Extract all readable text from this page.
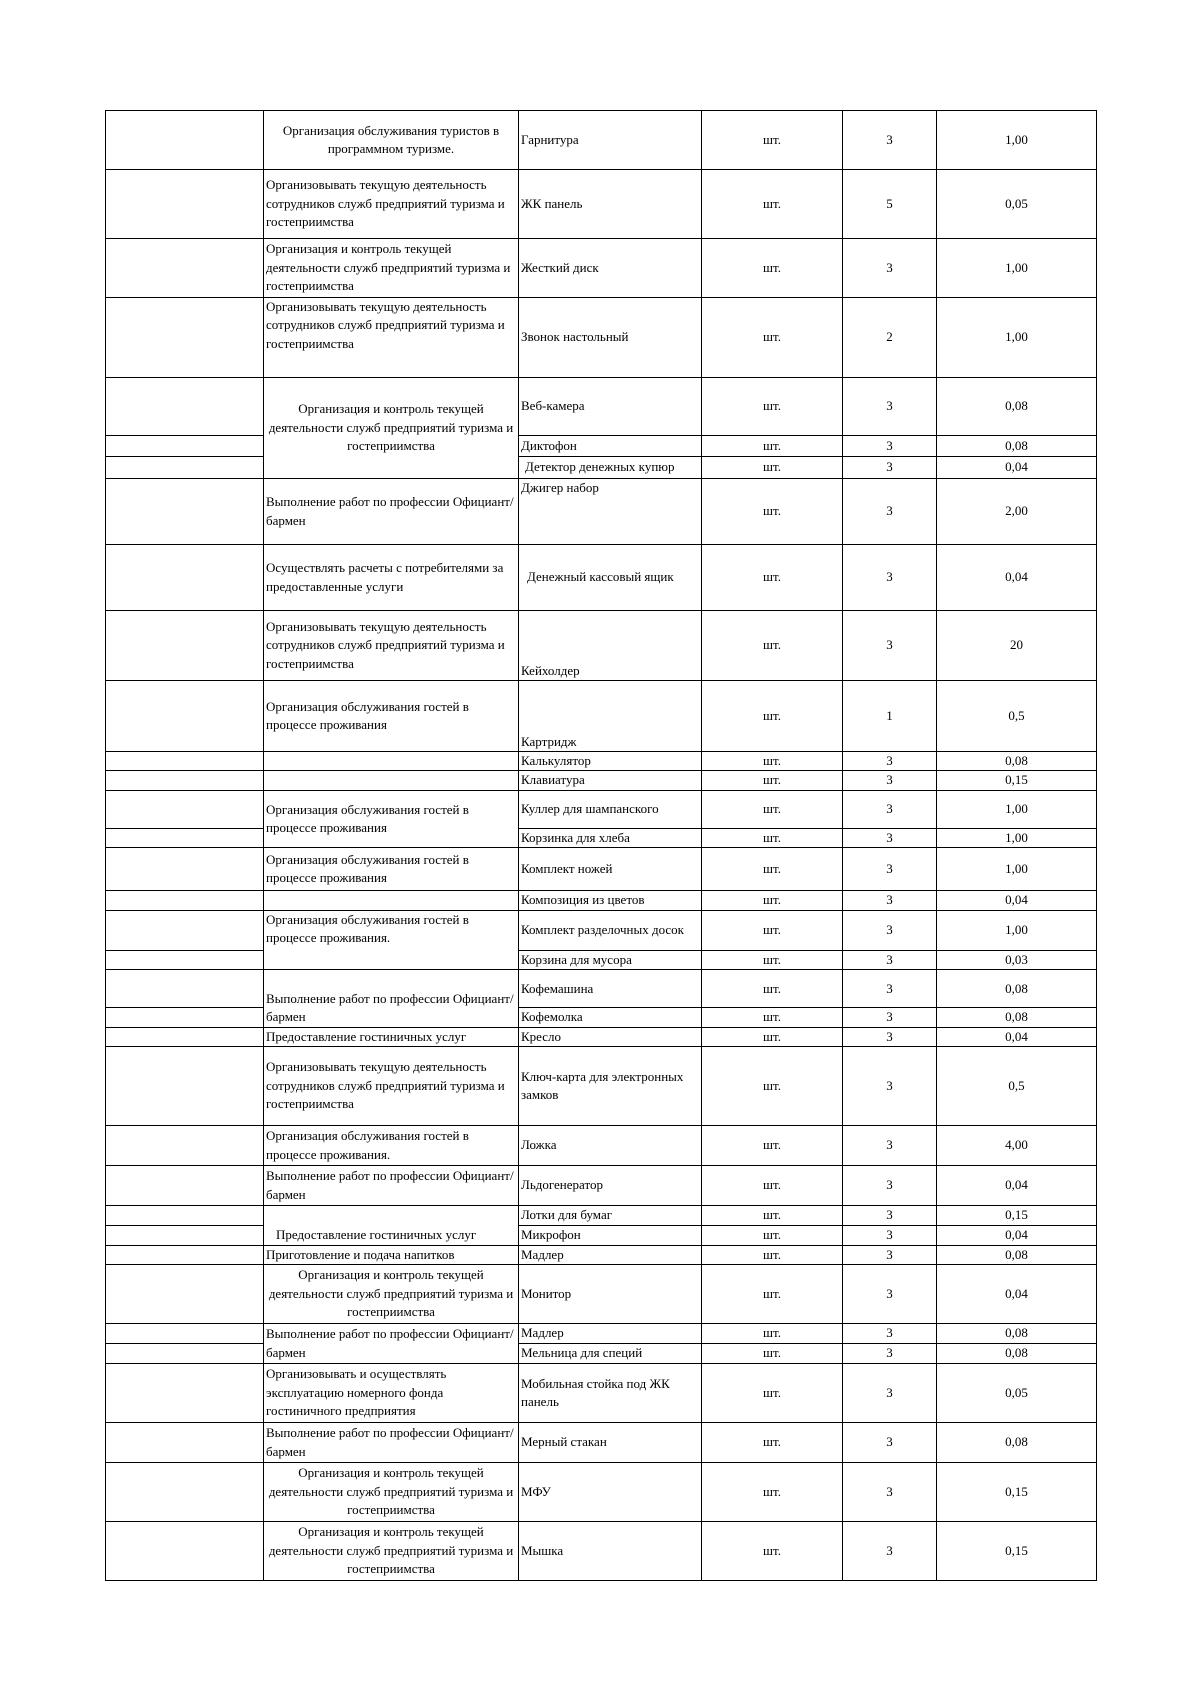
	Организация обслуживания туристов в программном туризме.	Гарнитура	шт.	3	1,00
	Организовывать текущую деятельность сотрудников служб предприятий туризма и гостеприимства	ЖК панель	шт.	5	0,05
	Организация и контроль текущей деятельности служб предприятий туризма и гостеприимства	Жесткий диск	шт.	3	1,00
	Организовывать текущую деятельность сотрудников служб предприятий туризма и гостеприимства	Звонок настольный	шт.	2	1,00
	Организация и контроль текущей деятельности служб предприятий туризма и гостеприимства	Веб-камера	шт.	3	0,08
		Диктофон	шт.	3	0,08
		Детектор денежных купюр	шт.	3	0,04
	Выполнение работ по профессии Официант/бармен	Джигер набор	шт.	3	2,00
	Осуществлять расчеты с потребителями за предоставленные услуги	Денежный кассовый ящик	шт.	3	0,04
	Организовывать текущую деятельность сотрудников служб предприятий туризма и гостеприимства	Кейхолдер	шт.	3	20
	Организация обслуживания гостей в процессе проживания	Картридж	шт.	1	0,5
		Калькулятор	шт.	3	0,08
		Клавиатура	шт.	3	0,15
	Организация обслуживания гостей в процессе проживания	Куллер для шампанского	шт.	3	1,00
		Корзинка для хлеба	шт.	3	1,00
	Организация обслуживания гостей в процессе проживания	Комплект ножей	шт.	3	1,00
		Композиция из цветов	шт.	3	0,04
	Организация обслуживания гостей в процессе проживания.	Комплект разделочных досок	шт.	3	1,00
		Корзина для мусора	шт.	3	0,03
	Выполнение работ по профессии Официант/бармен	Кофемашина	шт.	3	0,08
		Кофемолка	шт.	3	0,08
	Предоставление гостиничных услуг	Кресло	шт.	3	0,04
	Организовывать текущую деятельность сотрудников служб предприятий туризма и гостеприимства	Ключ-карта для электронных замков	шт.	3	0,5
	Организация обслуживания гостей в процессе проживания.	Ложка	шт.	3	4,00
	Выполнение работ по профессии Официант/бармен	Льдогенератор	шт.	3	0,04
	Предоставление гостиничных услуг	Лотки для бумаг	шт.	3	0,15
		Микрофон	шт.	3	0,04
	Приготовление и подача напитков	Мадлер	шт.	3	0,08
	Организация и контроль текущей деятельности служб предприятий туризма и гостеприимства	Монитор	шт.	3	0,04
	Выполнение работ по профессии Официант/бармен	Мадлер	шт.	3	0,08
		Мельница для специй	шт.	3	0,08
	Организовывать и осуществлять эксплуатацию номерного фонда гостиничного предприятия	Мобильная стойка под ЖК панель	шт.	3	0,05
	Выполнение работ по профессии Официант/бармен	Мерный стакан	шт.	3	0,08
	Организация и контроль текущей деятельности служб предприятий туризма и гостеприимства	МФУ	шт.	3	0,15
	Организация и контроль текущей деятельности служб предприятий туризма и гостеприимства	Мышка	шт.	3	0,15
